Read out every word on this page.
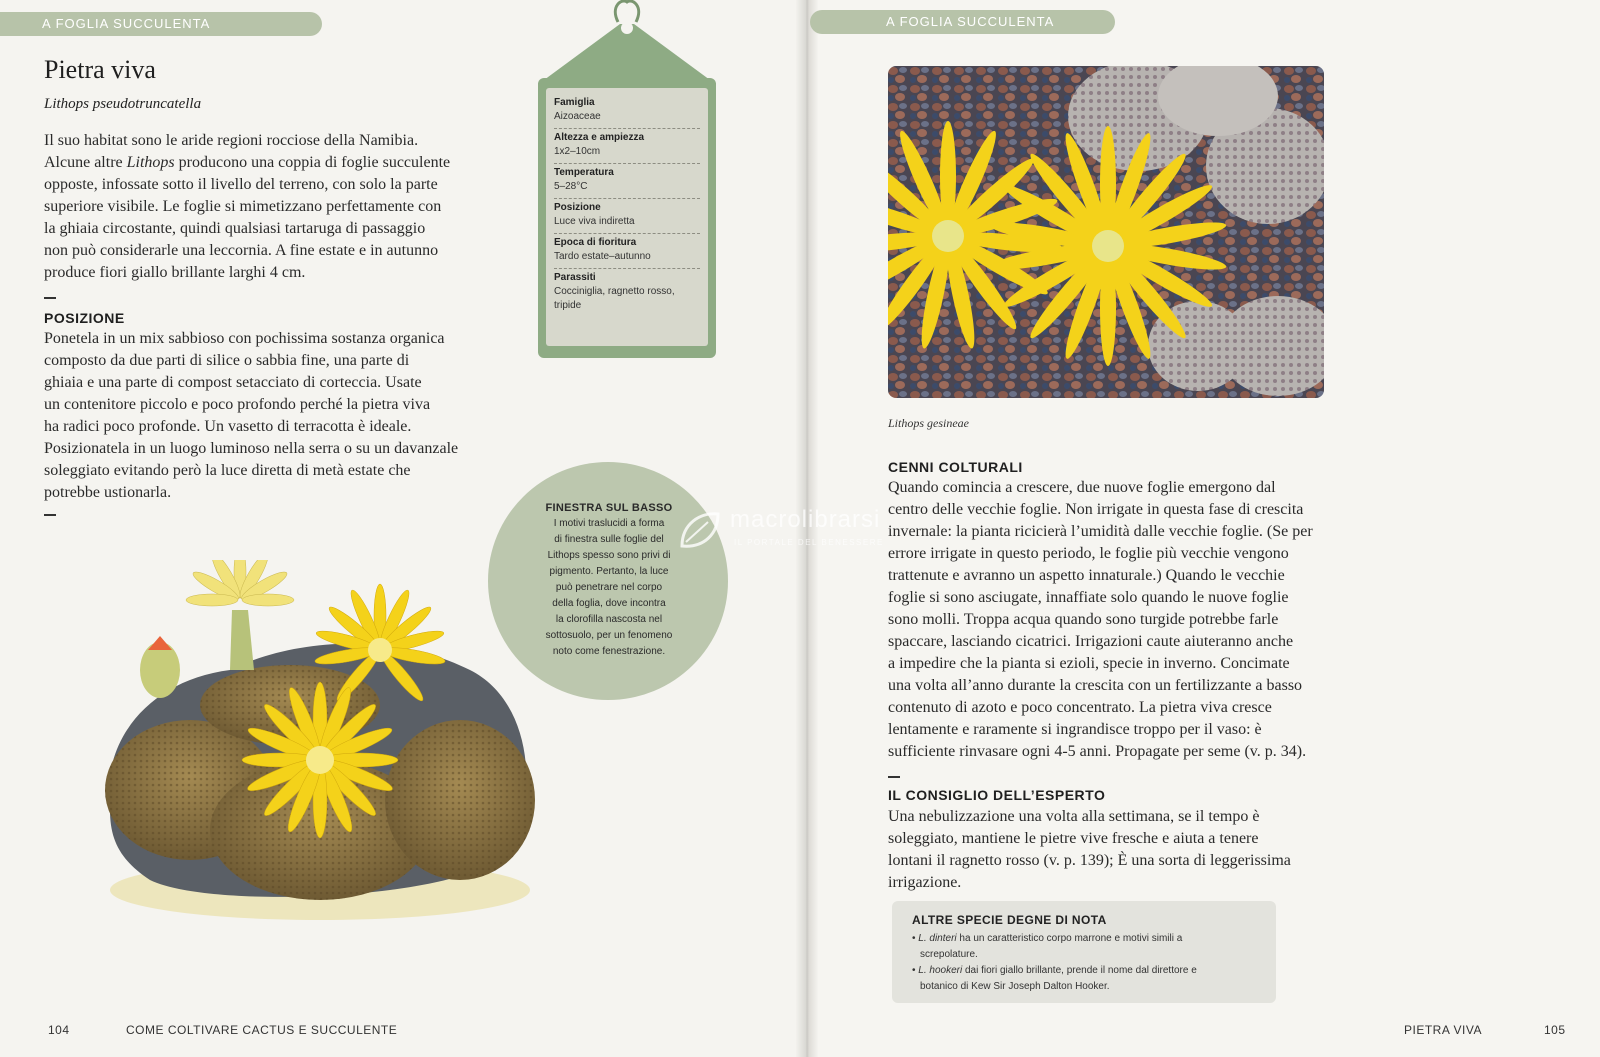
A FOGLIA SUCCULENTA
Pietra viva
Lithops pseudotruncatella
Il suo habitat sono le aride regioni rocciose della Namibia.
Alcune altre Lithops producono una coppia di foglie succulente
opposte, infossate sotto il livello del terreno, con solo la parte
superiore visibile. Le foglie si mimetizzano perfettamente con
la ghiaia circostante, quindi qualsiasi tartaruga di passaggio
non può considerarle una leccornia. A fine estate e in autunno
produce fiori giallo brillante larghi 4 cm.
POSIZIONE
Ponetela in un mix sabbioso con pochissima sostanza organica
composto da due parti di silice o sabbia fine, una parte di
ghiaia e una parte di compost setacciato di corteccia. Usate
un contenitore piccolo e poco profondo perché la pietra viva
ha radici poco profonde. Un vasetto di terracotta è ideale.
Posizionatela in un luogo luminoso nella serra o su un davanzale
soleggiato evitando però la luce diretta di metà estate che
potrebbe ustionarla.
Famiglia
Aizoaceae
Altezza e ampiezza
1x2–10cm
Temperatura
5–28°C
Posizione
Luce viva indiretta
Epoca di fioritura
Tardo estate–autunno
Parassiti
Cocciniglia, ragnetto rosso,
tripide
FINESTRA SUL BASSO
I motivi traslucidi a forma
di finestra sulle foglie del
Lithops spesso sono privi di
pigmento. Pertanto, la luce
può penetrare nel corpo
della foglia, dove incontra
la clorofilla nascosta nel
sottosuolo, per un fenomeno
noto come fenestrazione.
A FOGLIA SUCCULENTA
Lithops gesineae
CENNI COLTURALI
Quando comincia a crescere, due nuove foglie emergono dal
centro delle vecchie foglie. Non irrigate in questa fase di crescita
invernale: la pianta ricicierà l’umidità dalle vecchie foglie. (Se per
errore irrigate in questo periodo, le foglie più vecchie vengono
trattenute e avranno un aspetto innaturale.) Quando le vecchie
foglie si sono asciugate, innaffiate solo quando le nuove foglie
sono molli. Troppa acqua quando sono turgide potrebbe farle
spaccare, lasciando cicatrici. Irrigazioni caute aiuteranno anche
a impedire che la pianta si ezioli, specie in inverno. Concimate
una volta all’anno durante la crescita con un fertilizzante a basso
contenuto di azoto e poco concentrato. La pietra viva cresce
lentamente e raramente si ingrandisce troppo per il vaso: è
sufficiente rinvasare ogni 4-5 anni. Propagate per seme (v. p. 34).
IL CONSIGLIO DELL’ESPERTO
Una nebulizzazione una volta alla settimana, se il tempo è
soleggiato, mantiene le pietre vive fresche e aiuta a tenere
lontani il ragnetto rosso (v. p. 139); È una sorta di leggerissima
irrigazione.
ALTRE SPECIE DEGNE DI NOTA
• L. dinteri ha un caratteristico corpo marrone e motivi simili a
screpolature.
• L. hookeri dai fiori giallo brillante, prende il nome dal direttore e
botanico di Kew Sir Joseph Dalton Hooker.
104	COME COLTIVARE CACTUS E SUCCULENTE	PIETRA VIVA	105
macrolibrarsi
IL PORTALE DEL BENESSERE
